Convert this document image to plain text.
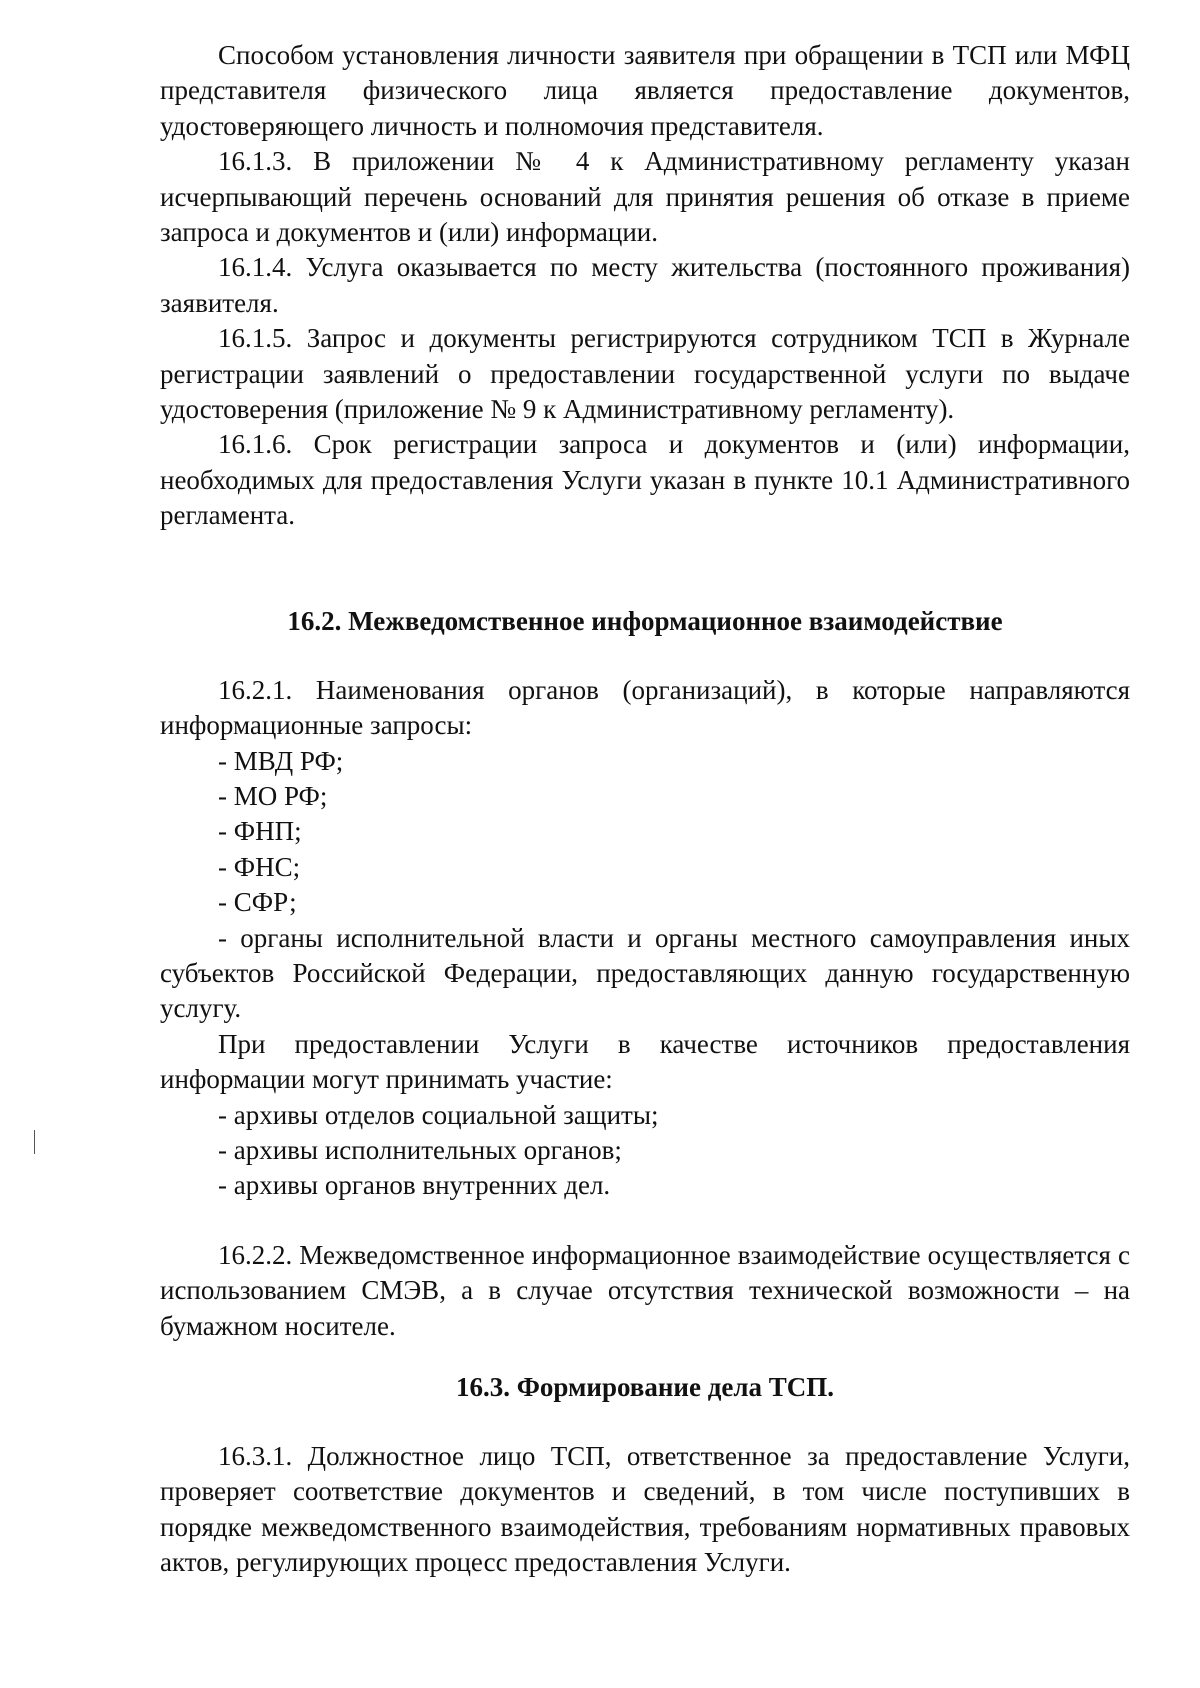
Способом установления личности заявителя при обращении в ТСП или МФЦ представителя физического лица является предоставление документов, удостоверяющего личность и полномочия представителя.

16.1.3. В приложении № 4 к Административному регламенту указан исчерпывающий перечень оснований для принятия решения об отказе в приеме запроса и документов и (или) информации.

16.1.4. Услуга оказывается по месту жительства (постоянного проживания) заявителя.

16.1.5. Запрос и документы регистрируются сотрудником ТСП в Журнале регистрации заявлений о предоставлении государственной услуги по выдаче удостоверения (приложение № 9 к Административному регламенту).

16.1.6. Срок регистрации запроса и документов и (или) информации, необходимых для предоставления Услуги указан в пункте 10.1 Административного регламента.

16.2. Межведомственное информационное взаимодействие

16.2.1. Наименования органов (организаций), в которые направляются информационные запросы:

- МВД РФ;

- МО РФ;

- ФНП;

- ФНС;

- СФР;

- органы исполнительной власти и органы местного самоуправления иных субъектов Российской Федерации, предоставляющих данную государственную услугу.

При предоставлении Услуги в качестве источников предоставления информации могут принимать участие:

- архивы отделов социальной защиты;

- архивы исполнительных органов;

- архивы органов внутренних дел.

16.2.2. Межведомственное информационное взаимодействие осуществляется с использованием СМЭВ, а в случае отсутствия технической возможности – на бумажном носителе.

16.3. Формирование дела ТСП.

16.3.1. Должностное лицо ТСП, ответственное за предоставление Услуги, проверяет соответствие документов и сведений, в том числе поступивших в порядке межведомственного взаимодействия, требованиям нормативных правовых актов, регулирующих процесс предоставления Услуги.
